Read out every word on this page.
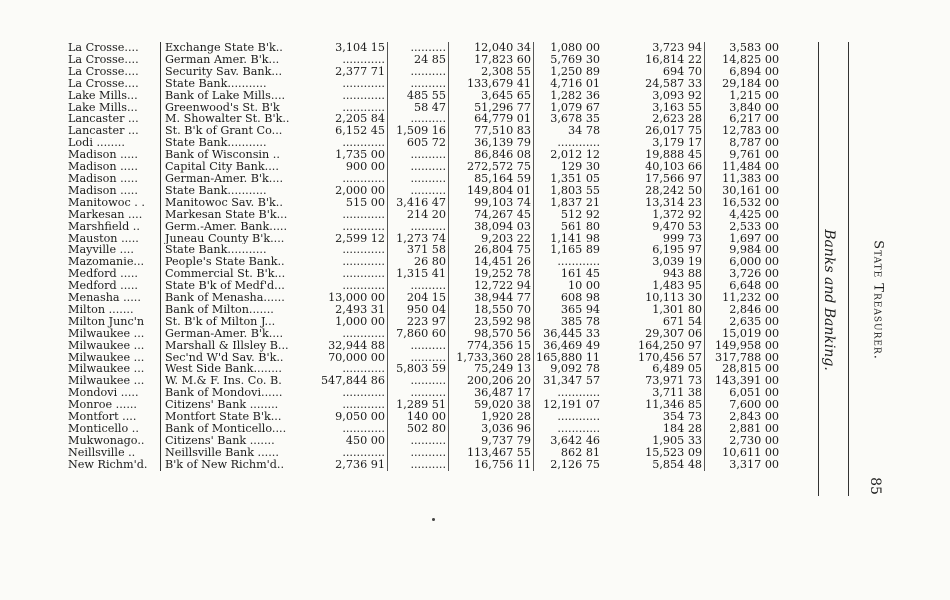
La Crosse....	Exchange State B'k..	3,104 15	..........	12,040 34	1,080 00	3,723 94	3,583 00
La Crosse....	German Amer. B'k...	............	24 85	17,823 60	5,769 30	16,814 22	14,825 00
La Crosse....	Security Sav. Bank...	2,377 71	..........	2,308 55	1,250 89	694 70	6,894 00
La Crosse....	State Bank...........	............	..........	133,679 41	4,716 01	24,587 33	29,184 00
Lake Mills...	Bank of Lake Mills....	............	485 55	3,645 65	1,282 36	3,093 92	1,215 00
Lake Mills...	Greenwood's St. B'k	............	58 47	51,296 77	1,079 67	3,163 55	3,840 00
Lancaster ...	M. Showalter St. B'k..	2,205 84	..........	64,779 01	3,678 35	2,623 28	6,217 00
Lancaster ...	St. B'k of Grant Co...	6,152 45	1,509 16	77,510 83	34 78	26,017 75	12,783 00
Lodi ........	State Bank...........	............	605 72	36,139 79	............	3,179 17	8,787 00
Madison .....	Bank of Wisconsin ..	1,735 00	..........	86,846 08	2,012 12	19,888 45	9,761 00
Madison .....	Capital City Bank....	900 00	..........	272,572 75	129 30	40,103 66	11,484 00
Madison .....	German-Amer. B'k....	............	..........	85,164 59	1,351 05	17,566 97	11,383 00
Madison .....	State Bank...........	2,000 00	..........	149,804 01	1,803 55	28,242 50	30,161 00
Manitowoc . .	Manitowoc Sav. B'k..	515 00	3,416 47	99,103 74	1,837 21	13,314 23	16,532 00
Markesan ....	Markesan State B'k...	............	214 20	74,267 45	512 92	1,372 92	4,425 00
Marshfield ..	Germ.-Amer. Bank.....	............	..........	38,094 03	561 80	9,470 53	2,533 00
Mauston .....	Juneau County B'k....	2,599 12	1,273 74	9,203 22	1,141 98	999 73	1,697 00
Mayville ....	State Bank...........	............	371 58	26,804 75	1,165 89	6,195 97	9,984 00
Mazomanie...	People's State Bank..	............	26 80	14,451 26	............	3,039 19	6,000 00
Medford .....	Commercial St. B'k...	............	1,315 41	19,252 78	161 45	943 88	3,726 00
Medford .....	State B'k of Medf'd...	............	..........	12,722 94	10 00	1,483 95	6,648 00
Menasha .....	Bank of Menasha......	13,000 00	204 15	38,944 77	608 98	10,113 30	11,232 00
Milton .......	Bank of Milton.......	2,493 31	950 04	18,550 70	365 94	1,301 80	2,846 00
Milton Junc'n	St. B'k of Milton J...	1,000 00	223 97	23,592 98	385 78	671 54	2,635 00
Milwaukee ...	German-Amer. B'k....	............	7,860 60	98,570 56	36,445 33	29,307 06	15,019 00
Milwaukee ...	Marshall & Illsley B...	32,944 88	..........	774,356 15	36,469 49	164,250 97	149,958 00
Milwaukee ...	Sec'nd W'd Sav. B'k..	70,000 00	..........	1,733,360 28	165,880 11	170,456 57	317,788 00
Milwaukee ...	West Side Bank........	............	5,803 59	75,249 13	9,092 78	6,489 05	28,815 00
Milwaukee ...	W. M.& F. Ins. Co. B.	547,844 86	..........	200,206 20	31,347 57	73,971 73	143,391 00
Mondovi .....	Bank of Mondovi......	............	..........	36,487 17	............	3,711 38	6,051 00
Monroe ......	Citizens' Bank ........	............	1,289 51	59,020 38	12,191 07	11,346 85	7,600 00
Montfort ....	Montfort State B'k...	9,050 00	140 00	1,920 28	............	354 73	2,843 00
Monticello ..	Bank of Monticello....	............	502 80	3,036 96	............	184 28	2,881 00
Mukwonago..	Citizens' Bank .......	450 00	..........	9,737 79	3,642 46	1,905 33	2,730 00
Neillsville ..	Neillsville Bank ......	............	..........	113,467 55	862 81	15,523 09	10,611 00
New Richm'd.	B'k of New Richm'd..	2,736 91	..........	16,756 11	2,126 75	5,854 48	3,317 00
Banks and Banking.	State Treasurer.
85
